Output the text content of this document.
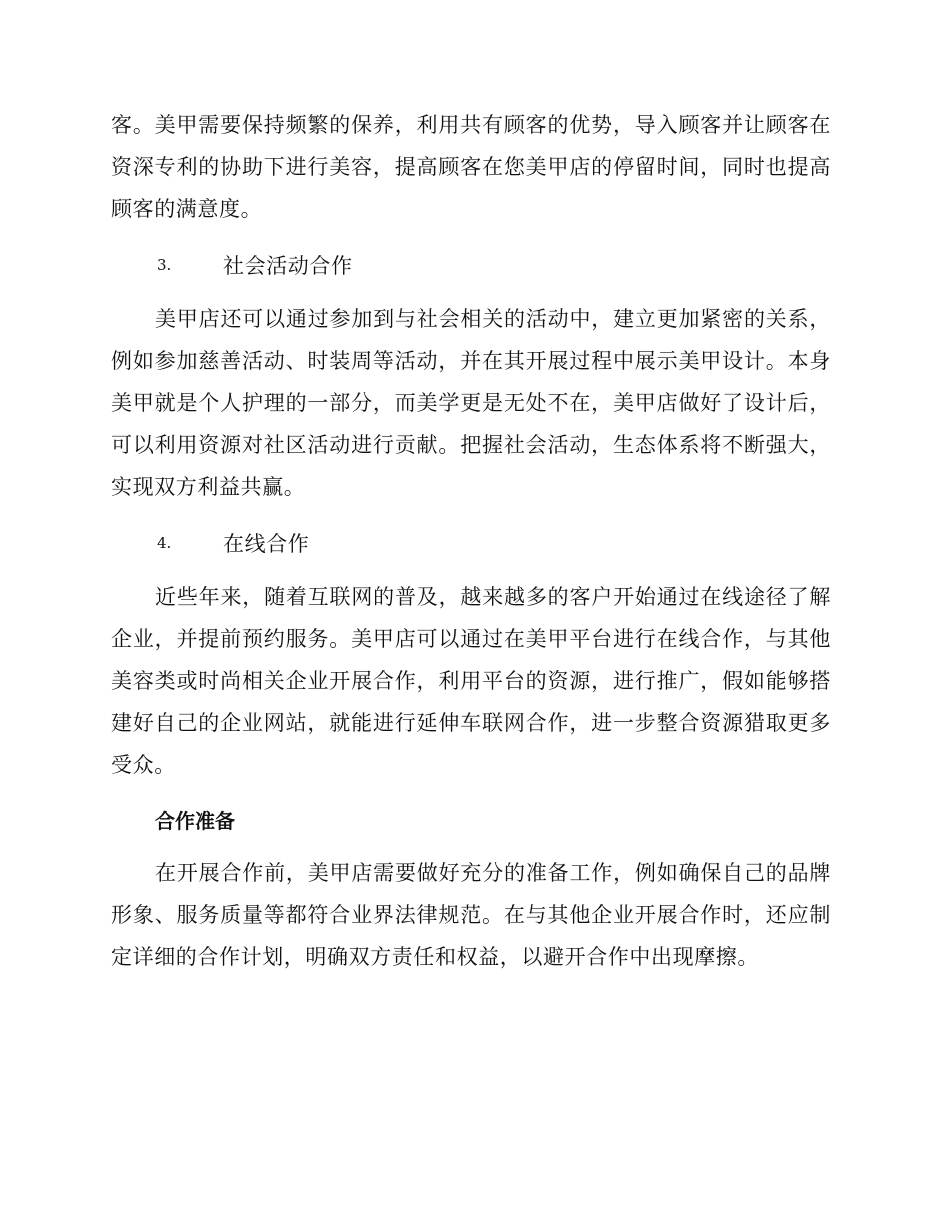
客。美甲需要保持频繁的保养，利用共有顾客的优势，导入顾客并让顾客在资深专利的协助下进行美容，提高顾客在您美甲店的停留时间，同时也提高顾客的满意度。

3.	社会活动合作

美甲店还可以通过参加到与社会相关的活动中，建立更加紧密的关系，例如参加慈善活动、时装周等活动，并在其开展过程中展示美甲设计。本身美甲就是个人护理的一部分，而美学更是无处不在，美甲店做好了设计后，可以利用资源对社区活动进行贡献。把握社会活动，生态体系将不断强大，实现双方利益共赢。

4.	在线合作

近些年来，随着互联网的普及，越来越多的客户开始通过在线途径了解企业，并提前预约服务。美甲店可以通过在美甲平台进行在线合作，与其他美容类或时尚相关企业开展合作，利用平台的资源，进行推广，假如能够搭建好自己的企业网站，就能进行延伸车联网合作，进一步整合资源猎取更多受众。

合作准备

在开展合作前，美甲店需要做好充分的准备工作，例如确保自己的品牌形象、服务质量等都符合业界法律规范。在与其他企业开展合作时，还应制定详细的合作计划，明确双方责任和权益，以避开合作中出现摩擦。
